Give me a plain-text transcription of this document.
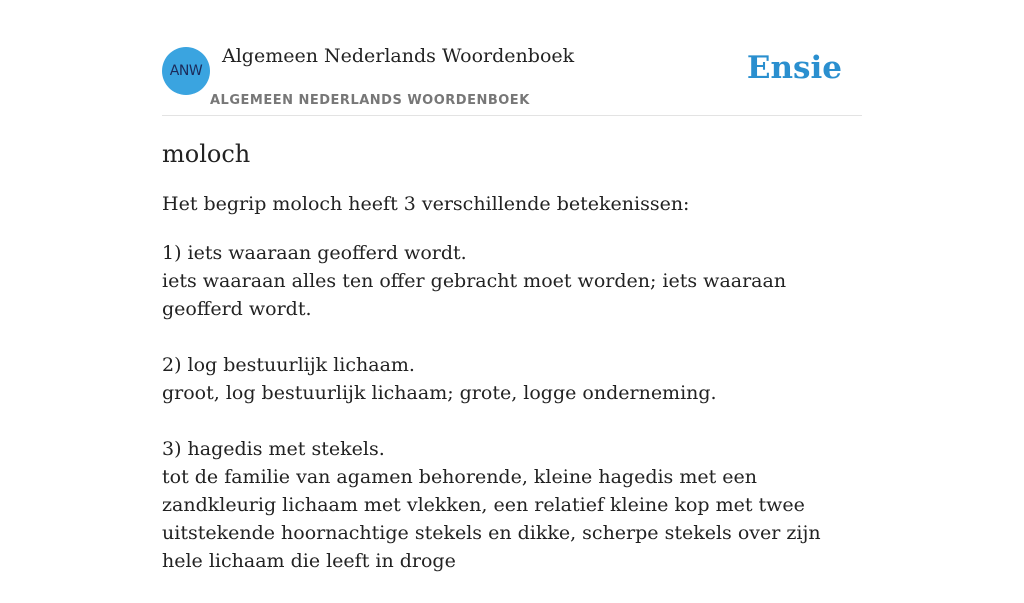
ANW
Algemeen Nederlands Woordenboek
ALGEMEEN NEDERLANDS WOORDENBOEK
Ensie
moloch

Het begrip moloch heeft 3 verschillende betekenissen:

1) iets waaraan geofferd wordt.
iets waaraan alles ten offer gebracht moet worden; iets waaraan geofferd wordt.
2) log bestuurlijk lichaam.
groot, log bestuurlijk lichaam; grote, logge onderneming.
3) hagedis met stekels.
tot de familie van agamen behorende, kleine hagedis met een zandkleurig lichaam met vlekken, een relatief kleine kop met twee uitstekende hoornachtige stekels en dikke, scherpe stekels over zijn hele lichaam die leeft in droge
